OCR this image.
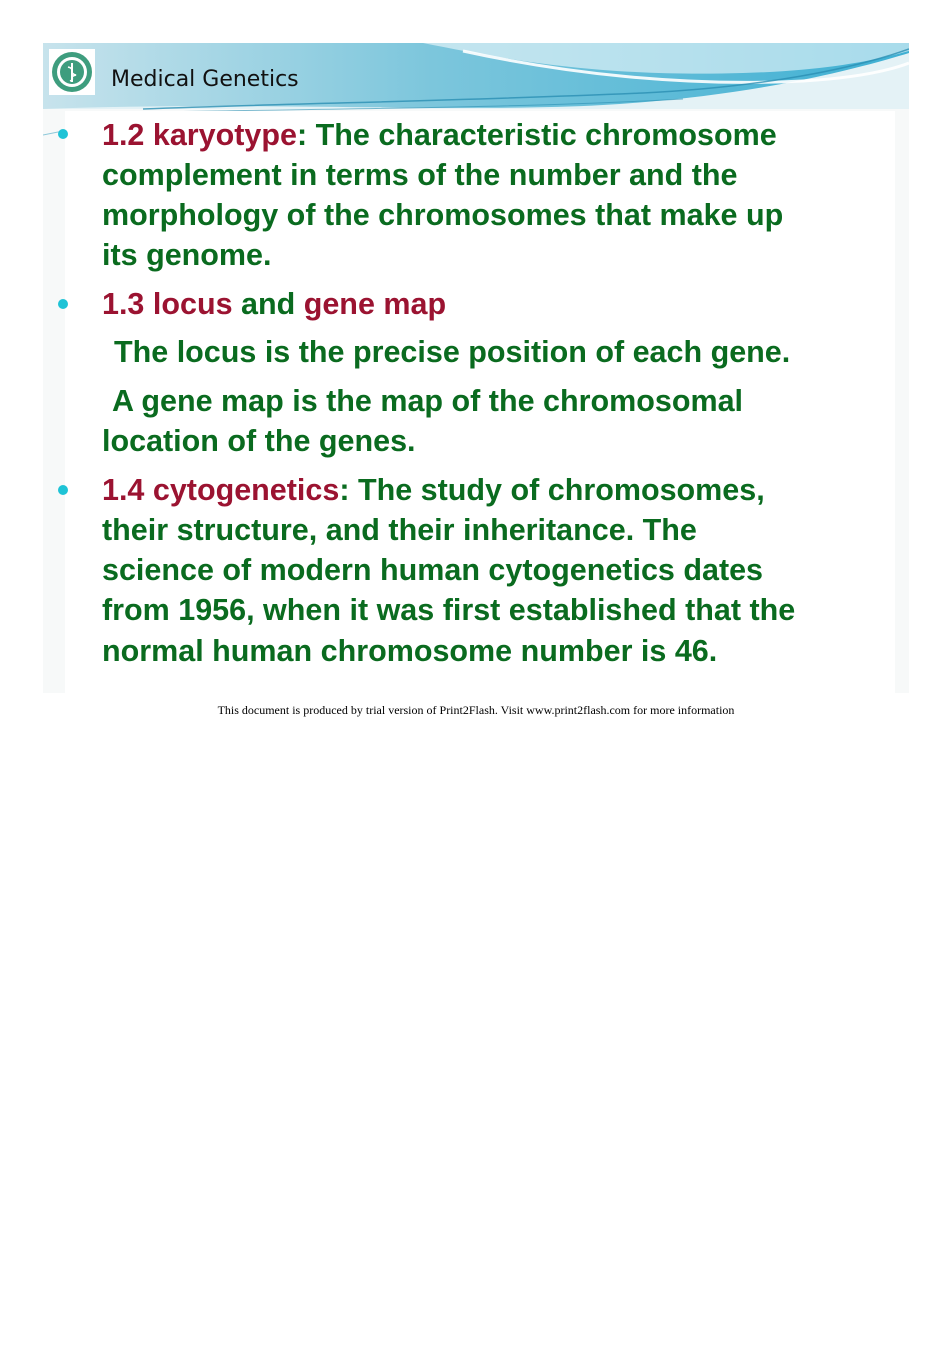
Medical Genetics
1.2 karyotype: The characteristic chromosome
complement in terms of the number and the
morphology of the chromosomes that make up
its genome.
1.3 locus and gene map
The locus is the precise position of each gene.
A gene map is the map of the chromosomal
location of the genes.
1.4 cytogenetics: The study of chromosomes,
their structure, and their inheritance. The
science of modern human cytogenetics dates
from 1956, when it was first established that the
normal human chromosome number is 46.
This document is produced by trial version of Print2Flash. Visit www.print2flash.com for more information
